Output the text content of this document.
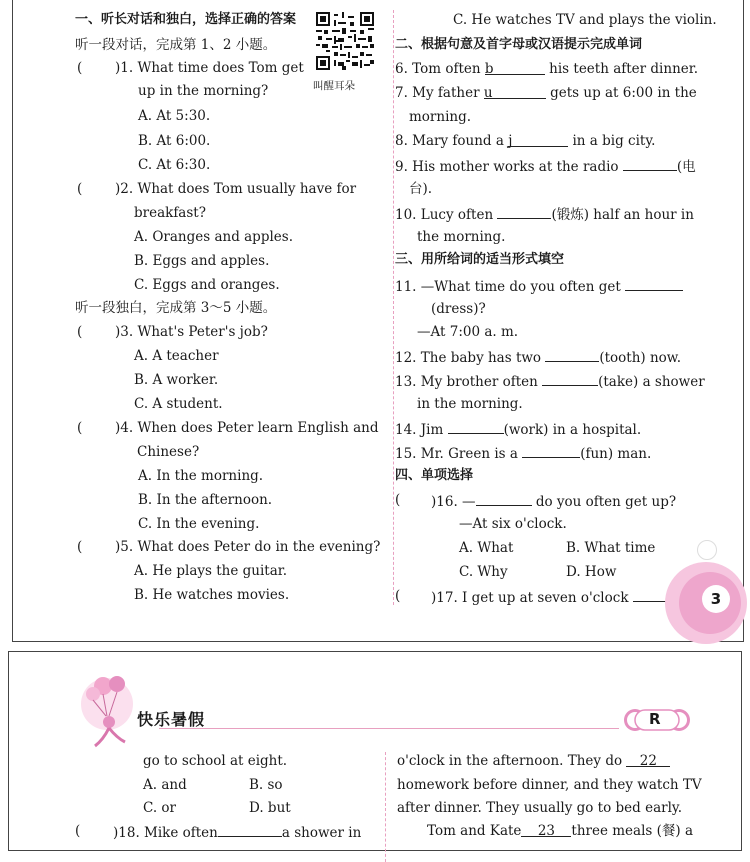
一、听长对话和独白，选择正确的答案
听一段对话，完成第 1、2 小题。
叫醒耳朵
( )1. What time does Tom get
up in the morning?
A. At 5:30.
B. At 6:00.
C. At 6:30.
( )2. What does Tom usually have for
breakfast?
A. Oranges and apples.
B. Eggs and apples.
C. Eggs and oranges.
听一段独白，完成第 3～5 小题。
( )3. What's Peter's job?
A. A teacher
B. A worker.
C. A student.
( )4. When does Peter learn English and
Chinese?
A. In the morning.
B. In the afternoon.
C. In the evening.
( )5. What does Peter do in the evening?
A. He plays the guitar.
B. He watches movies.
C. He watches TV and plays the violin.
二、根据句意及首字母或汉语提示完成单词
6. Tom often b	his teeth after dinner.
7. My father u	gets up at 6:00 in the
morning.
8. Mary found a j	in a big city.
9. His mother works at the radio	(电
台).
10. Lucy often	(锻炼) half an hour in
the morning.
三、用所给词的适当形式填空
11. —What time do you often get
(dress)?
—At 7:00 a. m.
12. The baby has two	(tooth) now.
13. My brother often	(take) a shower
in the morning.
14. Jim	(work) in a hospital.
15. Mr. Green is a	(fun) man.
四、单项选择
( )16. —	do you often get up?
—At six o'clock.
A. What	B. What time
C. Why	D. How
( )17. I get up at seven o'clock	3
快乐暑假	R
go to school at eight.
A. and	B. so
C. or	D. but
( )18. Mike often	a shower in
o'clock in the afternoon. They do 22
homework before dinner, and they watch TV
after dinner. They usually go to bed early.
Tom and Kate 23 three meals (餐) a
